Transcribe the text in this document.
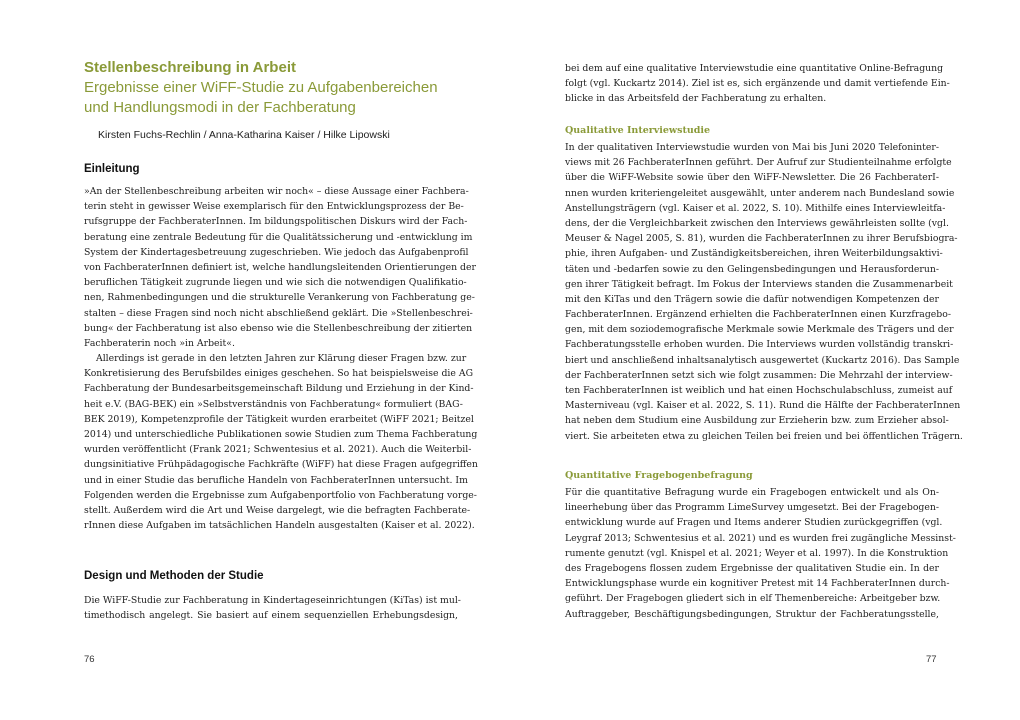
Stellenbeschreibung in Arbeit
Ergebnisse einer WiFF-Studie zu Aufgabenbereichen
und Handlungsmodi in der Fachberatung
Kirsten Fuchs-Rechlin / Anna-Katharina Kaiser / Hilke Lipowski
Einleitung
»An der Stellenbeschreibung arbeiten wir noch« – diese Aussage einer Fachbera-
terin steht in gewisser Weise exemplarisch für den Entwicklungsprozess der Be-
rufsgruppe der FachberaterInnen. Im bildungspolitischen Diskurs wird der Fach-
beratung eine zentrale Bedeutung für die Qualitätssicherung und -entwicklung im
System der Kindertagesbetreuung zugeschrieben. Wie jedoch das Aufgabenprofil
von FachberaterInnen definiert ist, welche handlungsleitenden Orientierungen der
beruflichen Tätigkeit zugrunde liegen und wie sich die notwendigen Qualifikatio-
nen, Rahmenbedingungen und die strukturelle Verankerung von Fachberatung ge-
stalten – diese Fragen sind noch nicht abschließend geklärt. Die »Stellenbeschrei-
bung« der Fachberatung ist also ebenso wie die Stellenbeschreibung der zitierten
Fachberaterin noch »in Arbeit«.
Allerdings ist gerade in den letzten Jahren zur Klärung dieser Fragen bzw. zur
Konkretisierung des Berufsbildes einiges geschehen. So hat beispielsweise die AG
Fachberatung der Bundesarbeitsgemeinschaft Bildung und Erziehung in der Kind-
heit e.V. (BAG-BEK) ein »Selbstverständnis von Fachberatung« formuliert (BAG-
BEK 2019), Kompetenzprofile der Tätigkeit wurden erarbeitet (WiFF 2021; Beitzel
2014) und unterschiedliche Publikationen sowie Studien zum Thema Fachberatung
wurden veröffentlicht (Frank 2021; Schwentesius et al. 2021). Auch die Weiterbil-
dungsinitiative Frühpädagogische Fachkräfte (WiFF) hat diese Fragen aufgegriffen
und in einer Studie das berufliche Handeln von FachberaterInnen untersucht. Im
Folgenden werden die Ergebnisse zum Aufgabenportfolio von Fachberatung vorge-
stellt. Außerdem wird die Art und Weise dargelegt, wie die befragten Fachberate-
rInnen diese Aufgaben im tatsächlichen Handeln ausgestalten (Kaiser et al. 2022).
Design und Methoden der Studie
Die WiFF-Studie zur Fachberatung in Kindertageseinrichtungen (KiTas) ist mul-
timethodisch angelegt. Sie basiert auf einem sequenziellen Erhebungsdesign,
76
bei dem auf eine qualitative Interviewstudie eine quantitative Online-Befragung
folgt (vgl. Kuckartz 2014). Ziel ist es, sich ergänzende und damit vertiefende Ein-
blicke in das Arbeitsfeld der Fachberatung zu erhalten.
Qualitative Interviewstudie
In der qualitativen Interviewstudie wurden von Mai bis Juni 2020 Telefoninter-
views mit 26 FachberaterInnen geführt. Der Aufruf zur Studienteilnahme erfolgte
über die WiFF-Website sowie über den WiFF-Newsletter. Die 26 FachberaterI-
nnen wurden kriteriengeleitet ausgewählt, unter anderem nach Bundesland sowie
Anstellungsträgern (vgl. Kaiser et al. 2022, S. 10). Mithilfe eines Interviewleitfa-
dens, der die Vergleichbarkeit zwischen den Interviews gewährleisten sollte (vgl.
Meuser & Nagel 2005, S. 81), wurden die FachberaterInnen zu ihrer Berufsbiogra-
phie, ihren Aufgaben- und Zuständigkeitsbereichen, ihren Weiterbildungsaktivi-
täten und -bedarfen sowie zu den Gelingensbedingungen und Herausforderun-
gen ihrer Tätigkeit befragt. Im Fokus der Interviews standen die Zusammenarbeit
mit den KiTas und den Trägern sowie die dafür notwendigen Kompetenzen der
FachberaterInnen. Ergänzend erhielten die FachberaterInnen einen Kurzfragebo-
gen, mit dem soziodemografische Merkmale sowie Merkmale des Trägers und der
Fachberatungsstelle erhoben wurden. Die Interviews wurden vollständig transkri-
biert und anschließend inhaltsanalytisch ausgewertet (Kuckartz 2016). Das Sample
der FachberaterInnen setzt sich wie folgt zusammen: Die Mehrzahl der interview-
ten FachberaterInnen ist weiblich und hat einen Hochschulabschluss, zumeist auf
Masterniveau (vgl. Kaiser et al. 2022, S. 11). Rund die Hälfte der FachberaterInnen
hat neben dem Studium eine Ausbildung zur Erzieherin bzw. zum Erzieher absol-
viert. Sie arbeiteten etwa zu gleichen Teilen bei freien und bei öffentlichen Trägern.
Quantitative Fragebogenbefragung
Für die quantitative Befragung wurde ein Fragebogen entwickelt und als On-
lineerhebung über das Programm LimeSurvey umgesetzt. Bei der Fragebogen-
entwicklung wurde auf Fragen und Items anderer Studien zurückgegriffen (vgl.
Leygraf 2013; Schwentesius et al. 2021) und es wurden frei zugängliche Messinst-
rumente genutzt (vgl. Knispel et al. 2021; Weyer et al. 1997). In die Konstruktion
des Fragebogens flossen zudem Ergebnisse der qualitativen Studie ein. In der
Entwicklungsphase wurde ein kognitiver Pretest mit 14 FachberaterInnen durch-
geführt. Der Fragebogen gliedert sich in elf Themenbereiche: Arbeitgeber bzw.
Auftraggeber, Beschäftigungsbedingungen, Struktur der Fachberatungsstelle,
77
